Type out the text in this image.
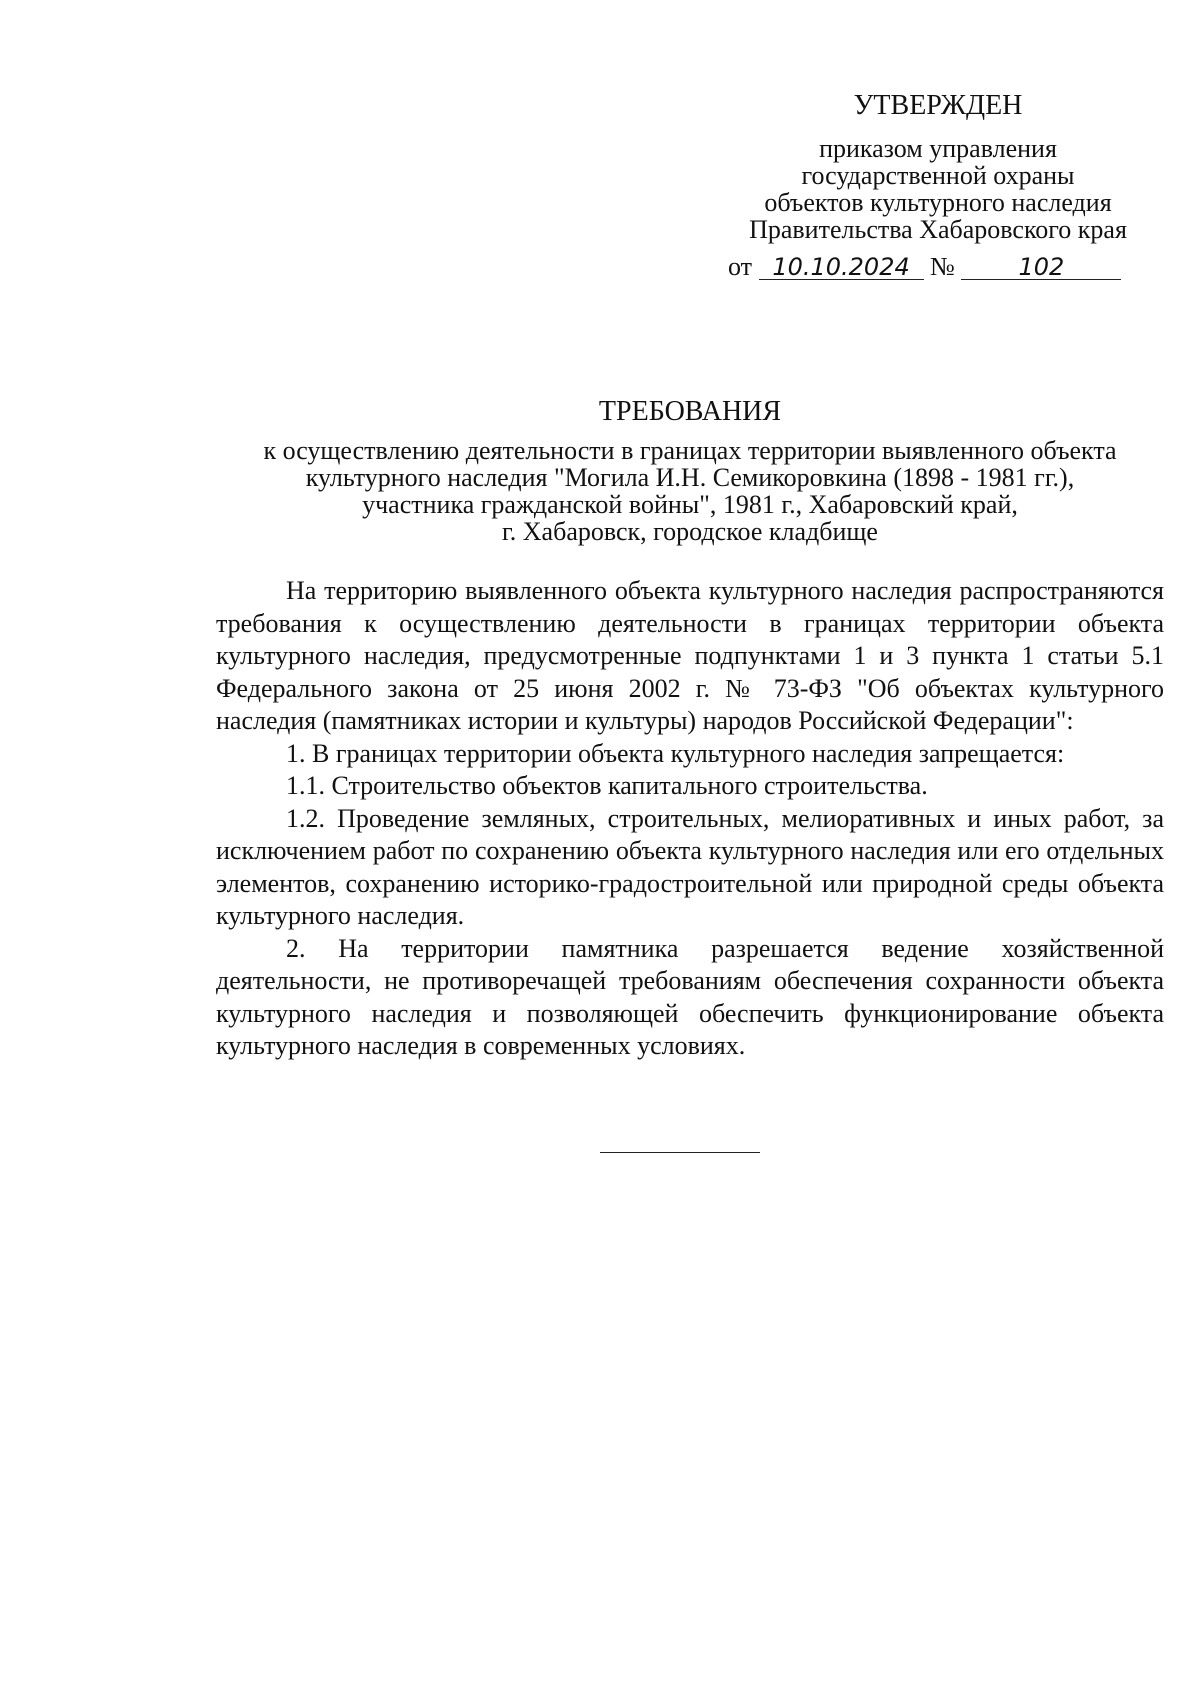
УТВЕРЖДЕН
приказом управления
государственной охраны
объектов культурного наследия
Правительства Хабаровского края
от 10.10.2024 №	102
ТРЕБОВАНИЯ
к осуществлению деятельности в границах территории выявленного объекта
культурного наследия "Могила И.Н. Семикоровкина (1898 - 1981 гг.),
участника гражданской войны", 1981 г., Хабаровский край,
г. Хабаровск, городское кладбище

На территорию выявленного объекта культурного наследия распространяются требования к осуществлению деятельности в границах территории объекта культурного наследия, предусмотренные подпунктами 1 и 3 пункта 1 статьи 5.1 Федерального закона от 25 июня 2002 г. № 73-ФЗ "Об объектах культурного наследия (памятниках истории и культуры) народов Российской Федерации":

1. В границах территории объекта культурного наследия запрещается:

1.1. Строительство объектов капитального строительства.

1.2. Проведение земляных, строительных, мелиоративных и иных работ, за исключением работ по сохранению объекта культурного наследия или его отдельных элементов, сохранению историко-градостроительной или природной среды объекта культурного наследия.

2. На территории памятника разрешается ведение хозяйственной деятельности, не противоречащей требованиям обеспечения сохранности объекта культурного наследия и позволяющей обеспечить функционирование объекта культурного наследия в современных условиях.
